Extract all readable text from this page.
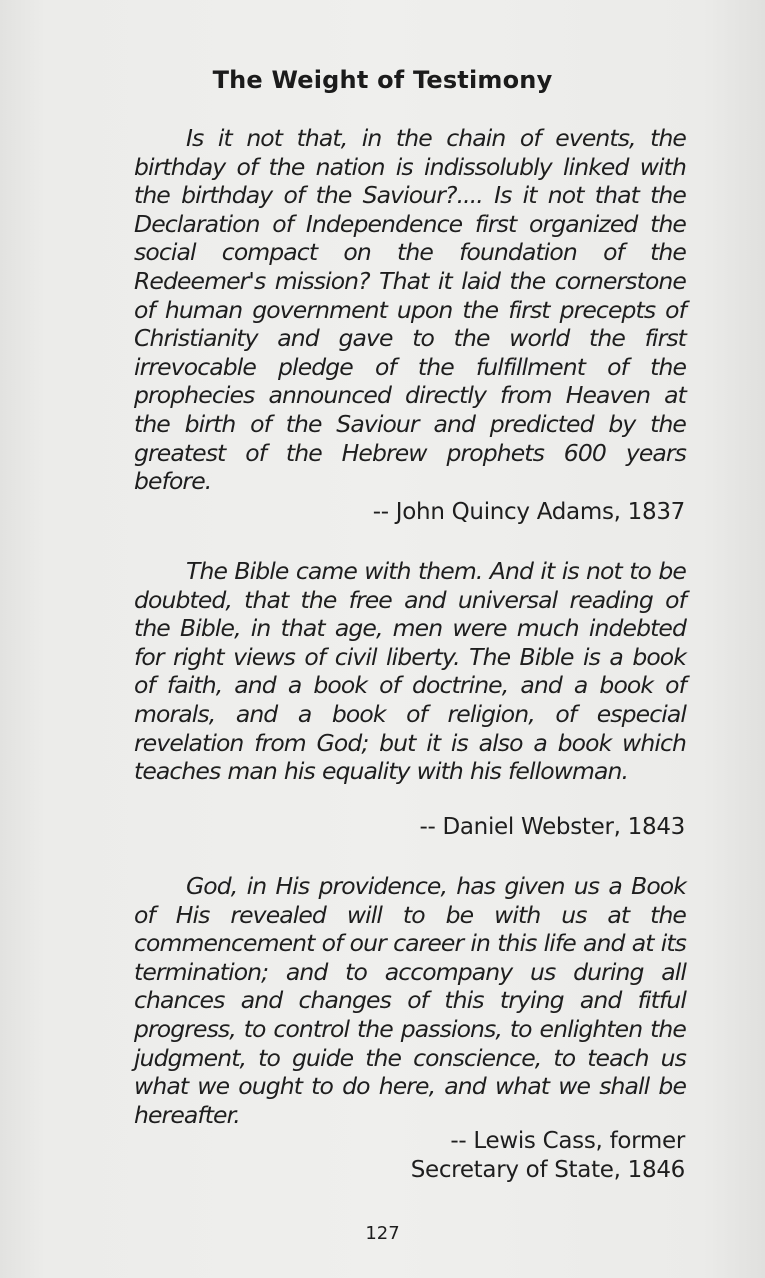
The Weight of Testimony

Is it not that, in the chain of events, the birthday of the nation is indissolubly linked with the birthday of the Saviour?.... Is it not that the Declaration of Independence first organized the social compact on the foundation of the Redeemer's mission? That it laid the cornerstone of human government upon the first precepts of Christianity and gave to the world the first irrevocable pledge of the fulfillment of the prophecies announced directly from Heaven at the birth of the Saviour and predicted by the greatest of the Hebrew prophets 600 years before.

-- John Quincy Adams, 1837

The Bible came with them. And it is not to be doubted, that the free and universal reading of the Bible, in that age, men were much indebted for right views of civil liberty. The Bible is a book of faith, and a book of doctrine, and a book of morals, and a book of religion, of especial revelation from God; but it is also a book which teaches man his equality with his fellowman.

-- Daniel Webster, 1843

God, in His providence, has given us a Book of His revealed will to be with us at the commencement of our career in this life and at its termination; and to accompany us during all chances and changes of this trying and fitful progress, to control the passions, to enlighten the judgment, to guide the conscience, to teach us what we ought to do here, and what we shall be hereafter.

-- Lewis Cass, former
Secretary of State, 1846
127
